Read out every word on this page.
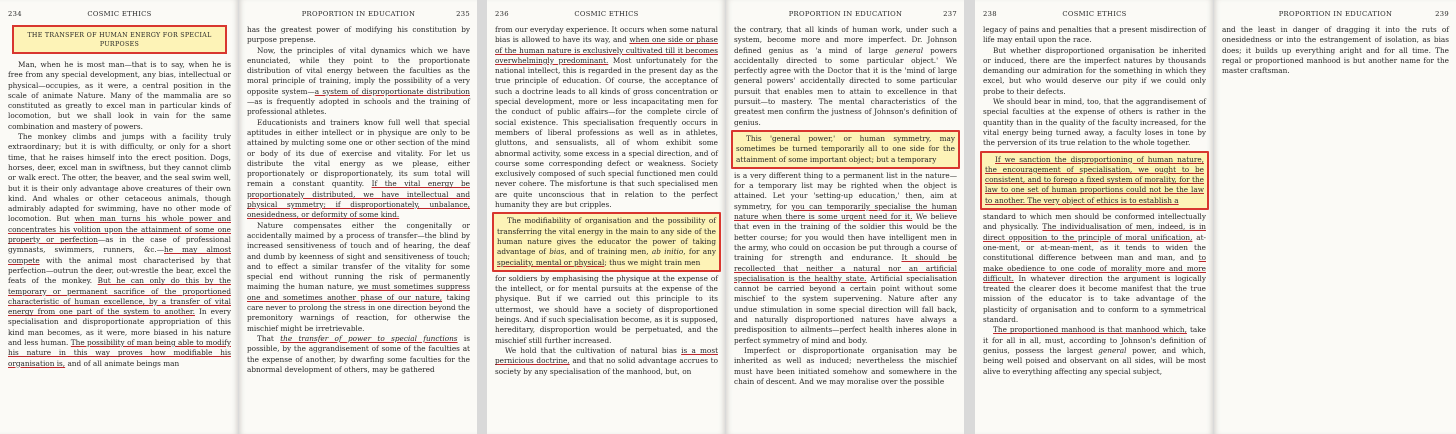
234	COSMIC ETHICS
THE TRANSFER OF HUMAN ENERGY FOR SPECIAL PURPOSES

Man, when he is most man—that is to say, when he is free from any special development, any bias, intellectual or physical—occupies, as it were, a central position in the scale of animate Nature. Many of the mammalia are so constituted as greatly to excel man in particular kinds of locomotion, but we shall look in vain for the same combination and mastery of powers.

The monkey climbs and jumps with a facility truly extraordinary; but it is with difficulty, or only for a short time, that he raises himself into the erect position. Dogs, horses, deer, excel man in swiftness, but they cannot climb or walk erect. The otter, the beaver, and the seal swim well, but it is their only advantage above creatures of their own kind. And whales or other cetaceous animals, though admirably adapted for swimming, have no other mode of locomotion. But when man turns his whole power and concentrates his volition upon the attainment of some one property or perfection—as in the case of professional gymnasts, swimmers, runners, &c.—he may almost compete with the animal most characterised by that perfection—outrun the deer, out-wrestle the bear, excel the feats of the monkey. But he can only do this by the temporary or permanent sacrifice of the proportioned characteristic of human excellence, by a transfer of vital energy from one part of the system to another. In every specialisation and disproportionate appropriation of this kind man becomes, as it were, more biased in his nature and less human. The possibility of man being able to modify his nature in this way proves how modifiable his organisation is, and of all animate beings man

PROPORTION IN EDUCATION	235

has the greatest power of modifying his constitution by purpose prepense.

Now, the principles of vital dynamics which we have enunciated, while they point to the proportionate distribution of vital energy between the faculties as the moral principle of training, imply the possibility of a very opposite system—a system of disproportionate distribution—as is frequently adopted in schools and the training of professional athletes.

Educationists and trainers know full well that special aptitudes in either intellect or in physique are only to be attained by mulcting some one or other section of the mind or body of its due of exercise and vitality. For let us distribute the vital energy as we please, either proportionately or disproportionately, its sum total will remain a constant quantity. If the vital energy be proportionately distributed, we have intellectual and physical symmetry; if disproportionately, unbalance, onesidedness, or deformity of some kind.

Nature compensates either the congenitally or accidentally maimed by a process of transfer—the blind by increased sensitiveness of touch and of hearing, the deaf and dumb by keenness of sight and sensitiveness of touch; and to effect a similar transfer of the vitality for some special end without running the risk of permanently maiming the human nature, we must sometimes suppress one and sometimes another phase of our nature, taking care never to prolong the stress in one direction beyond the premonitory warnings of reaction, for otherwise the mischief might be irretrievable.

That the transfer of power to special functions is possible, by the aggrandisement of some of the faculties at the expense of another, by dwarfing some faculties for the abnormal development of others, may be gathered

236	COSMIC ETHICS

from our everyday experience. It occurs when some natural bias is allowed to have its way, and when one side or phase of the human nature is exclusively cultivated till it becomes overwhelmingly predominant. Most unfortunately for the national intellect, this is regarded in the present day as the true principle of education. Of course, the acceptance of such a doctrine leads to all kinds of gross concentration or special development, more or less incapacitating men for the conduct of public affairs—for the complete circle of social existence. This specialisation frequently occurs in members of liberal professions as well as in athletes, gluttons, and sensualists, all of whom exhibit some abnormal activity, some excess in a special direction, and of course some corresponding defect or weakness. Society exclusively composed of such special functioned men could never cohere. The misfortune is that such specialised men are quite unconscious that in relation to the perfect humanity they are but cripples.

The modifiability of organisation and the possibility of transferring the vital energy in the main to any side of the human nature gives the educator the power of taking advantage of bias, and of training men, ab initio, for any speciality, mental or physical; thus we might train men

for soldiers by emphasising the physique at the expense of the intellect, or for mental pursuits at the expense of the physique. But if we carried out this principle to its uttermost, we should have a society of disproportioned beings. And if such specialisation become, as it is supposed, hereditary, disproportion would be perpetuated, and the mischief still further increased.

We hold that the cultivation of natural bias is a most pernicious doctrine, and that no solid advantage accrues to society by any specialisation of the manhood, but, on

PROPORTION IN EDUCATION	237

the contrary, that all kinds of human work, under such a system, become more and more imperfect. Dr. Johnson defined genius as 'a mind of large general powers accidentally directed to some particular object.' We perfectly agree with the Doctor that it is the 'mind of large general powers' accidentally directed to some particular pursuit that enables men to attain to excellence in that pursuit—to mastery. The mental characteristics of the greatest men confirm the justness of Johnson's definition of genius.

This 'general power,' or human symmetry, may sometimes be turned temporarily all to one side for the attainment of some important object; but a temporary

is a very different thing to a permanent list in the nature—for a temporary list may be righted when the object is attained. Let your 'setting-up education,' then, aim at symmetry, for you can temporarily specialise the human nature when there is some urgent need for it. We believe that even in the training of the soldier this would be the better course; for you would then have intelligent men in the army, who could on occasion be put through a course of training for strength and endurance. It should be recollected that neither a natural nor an artificial specialisation is the healthy state. Artificial specialisation cannot be carried beyond a certain point without some mischief to the system supervening. Nature after any undue stimulation in some special direction will fall back, and naturally disproportioned natures have always a predisposition to ailments—perfect health inheres alone in perfect symmetry of mind and body.

Imperfect or disproportionate organisation may be inherited as well as induced; nevertheless the mischief must have been initiated somehow and somewhere in the chain of descent. And we may moralise over the possible

238	COSMIC ETHICS

legacy of pains and penalties that a present misdirection of life may entail upon the race.

But whether disproportioned organisation be inherited or induced, there are the imperfect natures by thousands demanding our admiration for the something in which they excel, but who would deserve our pity if we could only probe to their defects.

We should bear in mind, too, that the aggrandisement of special faculties at the expense of others is rather in the quantity than in the quality of the faculty increased, for the vital energy being turned away, a faculty loses in tone by the perversion of its true relation to the whole together.

If we sanction the disproportioning of human nature, the encouragement of specialisation, we ought to be consistent, and to forego a fixed system of morality, for the law to one set of human proportions could not be the law to another. The very object of ethics is to establish a

standard to which men should be conformed intellectually and physically. The individualisation of men, indeed, is in direct opposition to the principle of moral unification, at-one-ment, or at-mean-ment, as it tends to widen the constitutional difference between man and man, and to make obedience to one code of morality more and more difficult. In whatever direction the argument is logically treated the clearer does it become manifest that the true mission of the educator is to take advantage of the plasticity of organisation and to conform to a symmetrical standard.

The proportioned manhood is that manhood which, take it for all in all, must, according to Johnson's definition of genius, possess the largest general power, and which, being well poised and observant on all sides, will be most alive to everything affecting any special subject,

PROPORTION IN EDUCATION	239

and the least in danger of dragging it into the ruts of onesidedness or into the estrangement of isolation, as bias does; it builds up everything aright and for all time. The regal or proportioned manhood is but another name for the master craftsman.
